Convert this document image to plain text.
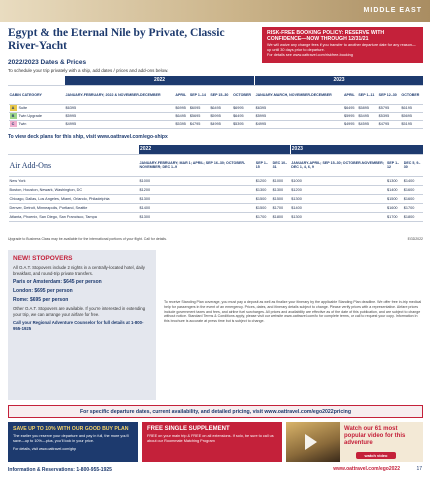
MIDDLE EAST
Egypt & the Eternal Nile by Private, Classic River-Yacht
2022/2023 Dates & Prices
To schedule your trip privately with a ship, add dates / prices and add-ons below.
RISK-FREE BOOKING POLICY: RESERVE WITH CONFIDENCE—NOW THROUGH 12/31/21
We will waive any change fees if you transfer to another departure date for any reason—up until 30 days prior to departure.
For details see www.oattravel.com/riskfree-booking
	2022					2023				
CABIN CATEGORY	JANUARY-FEBRUARY; 2022 & NOVEMBER-DECEMBER	APRIL	SEP 1–14	SEP 15–30	OCTOBER	JANUARY-MARCH, NOVEMBER-DECEMBER	APRIL	SEP 1–11	SEP 12–30	OCTOBER
A Suite	$6395	$6995	$6095	$6495	$6995	$6395	$6495	$5895	$5795	$6195
B Twin Upgrade	$5995	$6495	$5695	$5995	$6495	$5995	$5995	$5495	$5395	$5695
C Twin	$4995	$5395	$4795	$4995	$5395	$4995	$4995	$4595	$4795	$5195
To view deck plans for this ship, visit www.oattravel.com/ego-shipx
	2022			2023		
Air Add-Ons	JANUARY-FEBRUARY; MAR 1; APRIL; SEP 16–30; OCTOBER-NOVEMBER; DEC 1–9	SEP 1–15	DEC 10–31	JANUARY-APRIL; SEP 15–30; OCTOBER-NOVEMBER; DEC 1, 4, 6, 9	SEP 1–12	DEC 5, 9–30
New York	$1000	$1200	$1000	$1000	$1300	$1400
Boston, Houston, Newark, Washington, DC	$1200	$1300	$1300	$1200	$1400	$1600
Chicago, Dallas, Los Angeles, Miami, Orlando, Philadelphia	$1300	$1500	$1500	$1300	$1500	$1600
Denver, Detroit, Minneapolis, Portland, Seattle	$1400	$1500	$1700	$1400	$1600	$1700
Atlanta, Phoenix, San Diego, San Francisco, Tampa	$1300	$1700	$1800	$1300	$1700	$1800
Upgrade to Business Class may be available for the international portions of your flight. Call for details.	EGD2022
NEW! STOPOVERS
All O.A.T. Stopovers include 2 nights in a centrally-located hotel, daily breakfast, and round-trip private transfers.
Paris or Amsterdam: $645 per person
London: $695 per person
Rome: $695 per person
Other O.A.T. Stopovers are available. If you’re interested in extending your trip, we can arrange your airfare for free.
Call your Regional Adventure Counselor for full details at 1-800-955-1925
To receive Standing Plan coverage, you must pay a deposit as well as finalize your itinerary by the applicable Standing Plan deadline. We offer free in-trip medical help for passengers in the event of an emergency. Prices, dates, and itinerary details subject to change. Please verify prices with a representative. Airfare prices include government taxes and fees, and airline fuel surcharges. All prices and availability are effective as of the date of this publication, and are subject to change without notice. Standard Terms & Conditions apply, please visit our website www.oattravel.com/tc for complete terms, or call to request your copy. Information in this brochure is accurate at press time but is subject to change.
For specific departure dates, current availability, and detailed pricing, visit www.oattravel.com/ego2022pricing
SAVE UP TO 10% WITH OUR GOOD BUY PLAN
The earlier you reserve your departure and pay in full, the more you’ll save—up to 10%—plus, you’ll lock in your price.
For details, visit www.oattravel.com/gbp
FREE SINGLE SUPPLEMENT
FREE on your main trip & FREE on all extensions. If solo, be sure to call us about our Roommate Matching Program
Watch our 61 most popular video for this adventure
watch video
Information & Reservations: 1-800-955-1925	www.oattravel.com/ego2022	17
